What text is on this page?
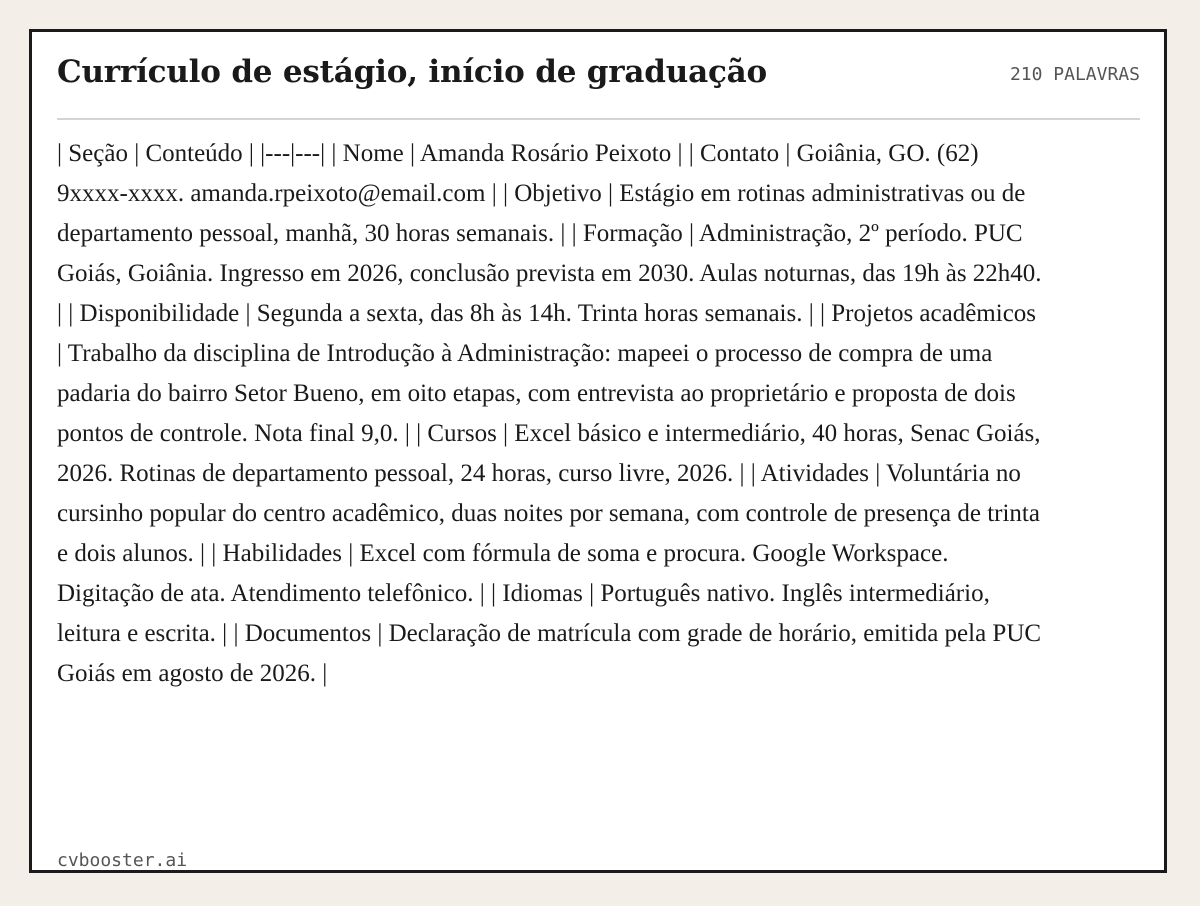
Currículo de estágio, início de graduação	210 PALAVRAS

| Seção | Conteúdo | |---|---| | Nome | Amanda Rosário Peixoto | | Contato | Goiânia, GO. (62) 9xxxx-xxxx. amanda.rpeixoto@email.com | | Objetivo | Estágio em rotinas administrativas ou de departamento pessoal, manhã, 30 horas semanais. | | Formação | Administração, 2º período. PUC Goiás, Goiânia. Ingresso em 2026, conclusão prevista em 2030. Aulas noturnas, das 19h às 22h40. | | Disponibilidade | Segunda a sexta, das 8h às 14h. Trinta horas semanais. | | Projetos acadêmicos | Trabalho da disciplina de Introdução à Administração: mapeei o processo de compra de uma padaria do bairro Setor Bueno, em oito etapas, com entrevista ao proprietário e proposta de dois pontos de controle. Nota final 9,0. | | Cursos | Excel básico e intermediário, 40 horas, Senac Goiás, 2026. Rotinas de departamento pessoal, 24 horas, curso livre, 2026. | | Atividades | Voluntária no cursinho popular do centro acadêmico, duas noites por semana, com controle de presença de trinta e dois alunos. | | Habilidades | Excel com fórmula de soma e procura. Google Workspace. Digitação de ata. Atendimento telefônico. | | Idiomas | Português nativo. Inglês intermediário, leitura e escrita. | | Documentos | Declaração de matrícula com grade de horário, emitida pela PUC Goiás em agosto de 2026. |

cvbooster.ai
